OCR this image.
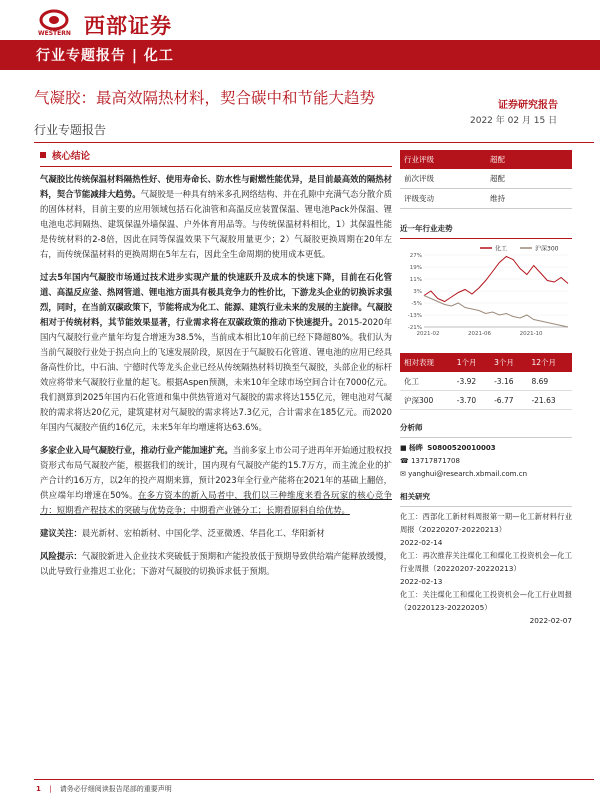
WESTERN 西部证券
行业专题报告 | 化工
气凝胶：最高效隔热材料，契合碳中和节能大趋势	证券研究报告
2022 年 02 月 15 日
行业专题报告
核心结论

气凝胶比传统保温材料隔热性好、使用寿命长、防水性与耐燃性能优异，是目前最高效的隔热材料，契合节能减排大趋势。气凝胶是一种具有纳米多孔网络结构、并在孔隙中充满气态分散介质的固体材料，目前主要的应用领域包括石化油管和高温反应装置保温、锂电池Pack外保温、锂电池电芯间隔热、建筑保温外墙保温、户外体育用品等。与传统保温材料相比，1）其保温性能是传统材料的2-8倍，因此在同等保温效果下气凝胶用量更少；2）气凝胶更换周期在20年左右，而传统保温材料的更换周期在5年左右，因此全生命周期的使用成本更低。

过去5年国内气凝胶市场通过技术进步实现产量的快速跃升及成本的快速下降，目前在石化管道、高温反应釜、热网管道、锂电池方面具有极具竞争力的性价比，下游龙头企业的切换诉求强烈，同时，在当前双碳政策下，节能将成为化工、能源、建筑行业未来的发展的主旋律。气凝胶相对于传统材料，其节能效果显著，行业需求将在双碳政策的推动下快速提升。2015-2020年国内气凝胶行业产量年均复合增速为38.5%，当前成本相比10年前已经下降超80%。我们认为当前气凝胶行业处于拐点向上的飞速发展阶段，原因在于气凝胶石化管道、锂电池的应用已经具备高性价比，中石油、宁德时代等龙头企业已经从传统隔热材料切换至气凝胶，头部企业的标杆效应将带来气凝胶行业量的起飞。根据Aspen预测，未来10年全球市场空间合计在7000亿元。我们测算到2025年国内石化管道和集中供热管道对气凝胶的需求将达155亿元，锂电池对气凝胶的需求将达20亿元，建筑建材对气凝胶的需求将达7.3亿元，合计需求在185亿元。而2020年国内气凝胶产值约16亿元，未来5年年均增速将达63.6%。

多家企业入局气凝胶行业，推动行业产能加速扩充。当前多家上市公司子进再年开始通过股权投资形式布局气凝胶产能，根据我们的统计，国内现有气凝胶产能约15.7万方，而主流企业的扩产合计约16万方，以2年的投产周期来算，预计2023年全行业产能将在2021年的基础上翻倍，供应端年均增速在50%。在多方资本的新入局者中，我们以三种维度来看各玩家的核心竞争力：短期看产程技术的突破与优势竞争；中期看产业链分工；长期看原料自给优势。

建议关注：晨光新材、宏柏新材、中国化学、泛亚微透、华昌化工、华阳新材

风险提示：气凝胶新进入企业技术突破低于预期和产能投放低于预期导致供给端产能释放缓慢，以此导致行业推迟工业化；下游对气凝胶的切换诉求低于预期。

行业评级	超配
前次评级	超配
评级变动	维持
近一年行业走势
27%
19%
11%
3%
-5%
-13%
-21%
2021-02	2021-06	2021-10
化工	沪深300
相对表现	1个月	3个月	12个月
化工	-3.92	-3.16	8.69
沪深300	-3.70	-6.77	-21.63
分析师
■ 杨晔 S0800520010003
☎ 13717871708
✉ yanghui@research.xbmail.com.cn
相关研究
化工：西部化工新材料周报第一期—化工新材料行业周报（20220207-20220213）
2022-02-14
化工：再次推荐关注煤化工和煤化工投资机会—化工行业周报（20220207-20220213）
2022-02-13
化工：关注煤化工和煤化工投资机会—化工行业周报（20220123-20220205）
2022-02-07
1 | 请务必仔细阅读报告尾部的重要声明
